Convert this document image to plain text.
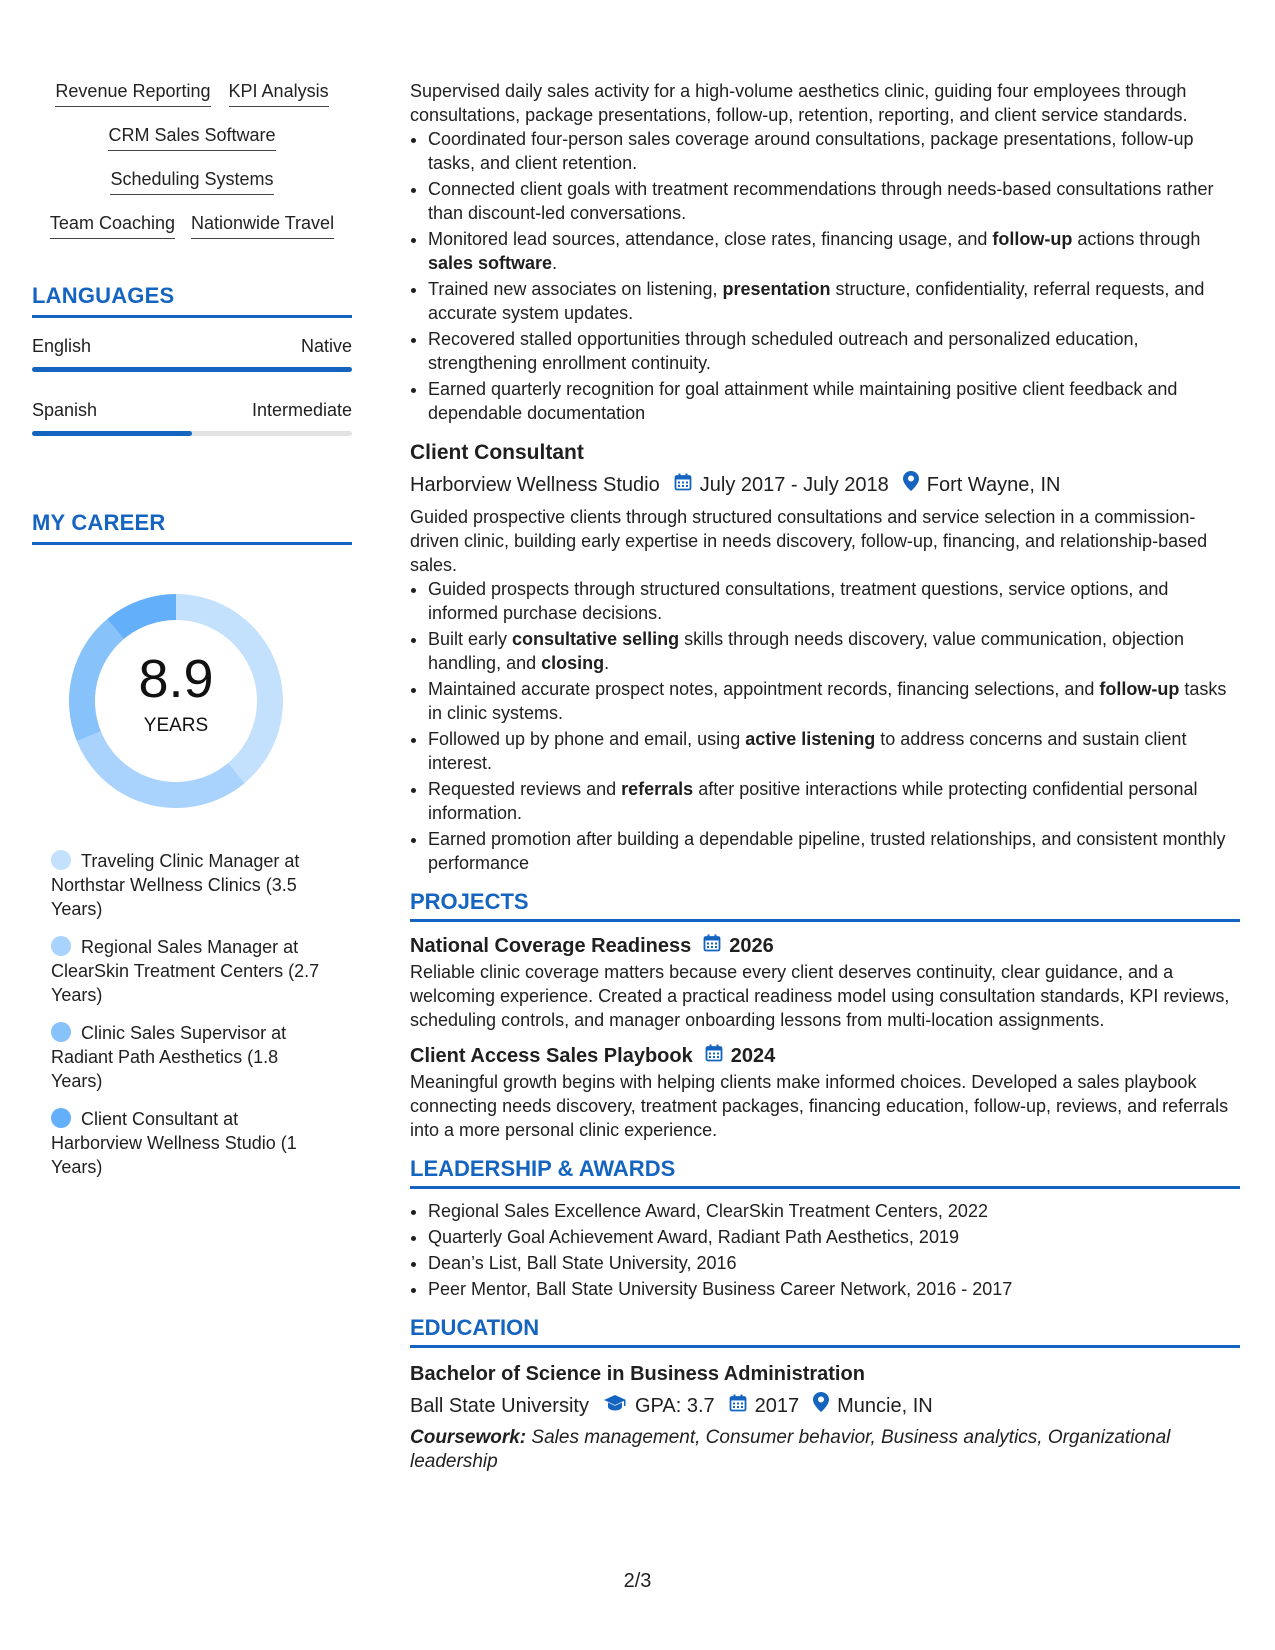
Revenue Reporting KPI Analysis
CRM Sales Software
Scheduling Systems
Team Coaching Nationwide Travel
LANGUAGES
English	Native
Spanish	Intermediate
MY CAREER
8.9
YEARS
Traveling Clinic Manager at Northstar Wellness Clinics (3.5 Years)
Regional Sales Manager at ClearSkin Treatment Centers (2.7 Years)
Clinic Sales Supervisor at Radiant Path Aesthetics (1.8 Years)
Client Consultant at Harborview Wellness Studio (1 Years)

Supervised daily sales activity for a high-volume aesthetics clinic, guiding four employees through consultations, package presentations, follow-up, retention, reporting, and client service standards.

• Coordinated four-person sales coverage around consultations, package presentations, follow-up tasks, and client retention.
• Connected client goals with treatment recommendations through needs-based consultations rather than discount-led conversations.
• Monitored lead sources, attendance, close rates, financing usage, and follow-up actions through sales software.
• Trained new associates on listening, presentation structure, confidentiality, referral requests, and accurate system updates.
• Recovered stalled opportunities through scheduled outreach and personalized education, strengthening enrollment continuity.
• Earned quarterly recognition for goal attainment while maintaining positive client feedback and dependable documentation
Client Consultant
Harborview Wellness Studio July 2017 - July 2018 Fort Wayne, IN

Guided prospective clients through structured consultations and service selection in a commission-driven clinic, building early expertise in needs discovery, follow-up, financing, and relationship-based sales.

• Guided prospects through structured consultations, treatment questions, service options, and informed purchase decisions.
• Built early consultative selling skills through needs discovery, value communication, objection handling, and closing.
• Maintained accurate prospect notes, appointment records, financing selections, and follow-up tasks in clinic systems.
• Followed up by phone and email, using active listening to address concerns and sustain client interest.
• Requested reviews and referrals after positive interactions while protecting confidential personal information.
• Earned promotion after building a dependable pipeline, trusted relationships, and consistent monthly performance
PROJECTS
National Coverage Readiness 2026

Reliable clinic coverage matters because every client deserves continuity, clear guidance, and a welcoming experience. Created a practical readiness model using consultation standards, KPI reviews, scheduling controls, and manager onboarding lessons from multi-location assignments.

Client Access Sales Playbook 2024

Meaningful growth begins with helping clients make informed choices. Developed a sales playbook connecting needs discovery, treatment packages, financing education, follow-up, reviews, and referrals into a more personal clinic experience.

LEADERSHIP & AWARDS
• Regional Sales Excellence Award, ClearSkin Treatment Centers, 2022
• Quarterly Goal Achievement Award, Radiant Path Aesthetics, 2019
• Dean’s List, Ball State University, 2016
• Peer Mentor, Ball State University Business Career Network, 2016 - 2017
EDUCATION
Bachelor of Science in Business Administration
Ball State University GPA: 3.7 2017 Muncie, IN

Coursework: Sales management, Consumer behavior, Business analytics, Organizational leadership

2/3
